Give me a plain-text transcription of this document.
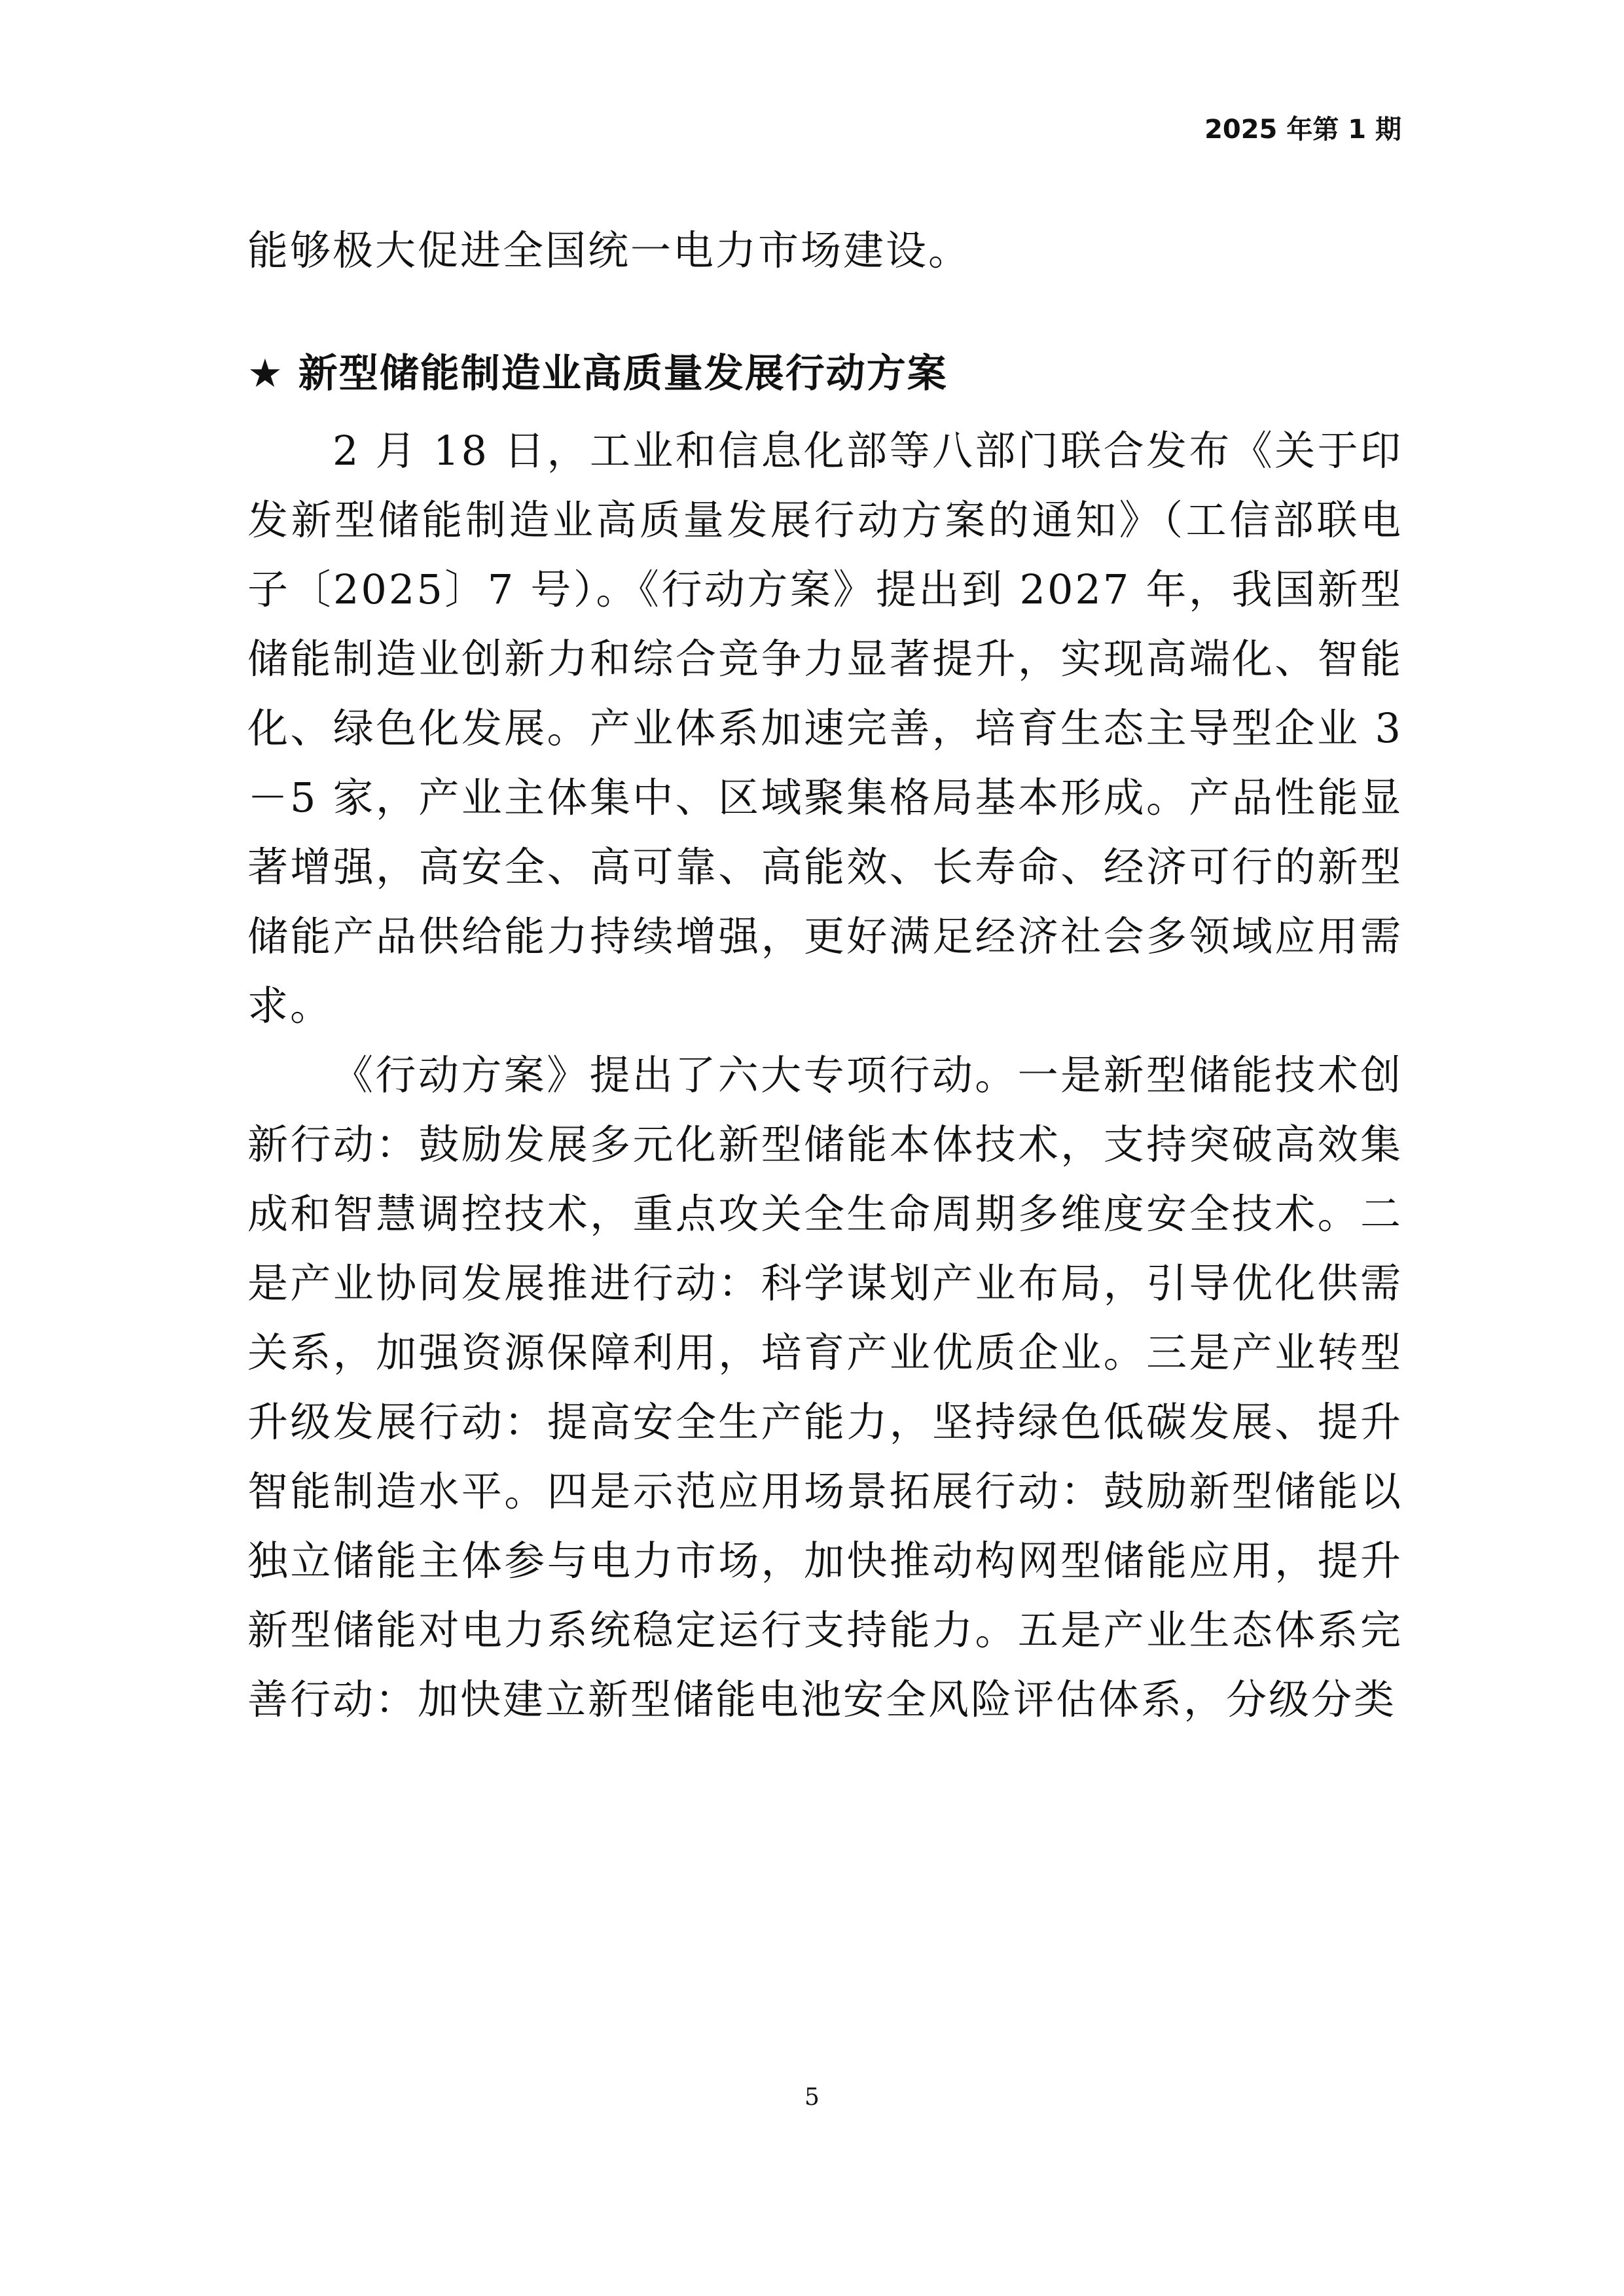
2025 年第 1 期

能够极大促进全国统一电力市场建设。

★ 新型储能制造业高质量发展行动方案

2 月 18 日，工业和信息化部等八部门联合发布《关于印发新型储能制造业高质量发展行动方案的通知》（工信部联电子〔2025〕7 号）。《行动方案》提出到 2027 年，我国新型储能制造业创新力和综合竞争力显著提升，实现高端化、智能化、绿色化发展。产业体系加速完善，培育生态主导型企业 3－5 家，产业主体集中、区域聚集格局基本形成。产品性能显著增强，高安全、高可靠、高能效、长寿命、经济可行的新型储能产品供给能力持续增强，更好满足经济社会多领域应用需求。

《行动方案》提出了六大专项行动。一是新型储能技术创新行动：鼓励发展多元化新型储能本体技术，支持突破高效集成和智慧调控技术，重点攻关全生命周期多维度安全技术。二是产业协同发展推进行动：科学谋划产业布局，引导优化供需关系，加强资源保障利用，培育产业优质企业。三是产业转型升级发展行动：提高安全生产能力，坚持绿色低碳发展、提升智能制造水平。四是示范应用场景拓展行动：鼓励新型储能以独立储能主体参与电力市场，加快推动构网型储能应用，提升新型储能对电力系统稳定运行支持能力。五是产业生态体系完善行动：加快建立新型储能电池安全风险评估体系，分级分类

5
